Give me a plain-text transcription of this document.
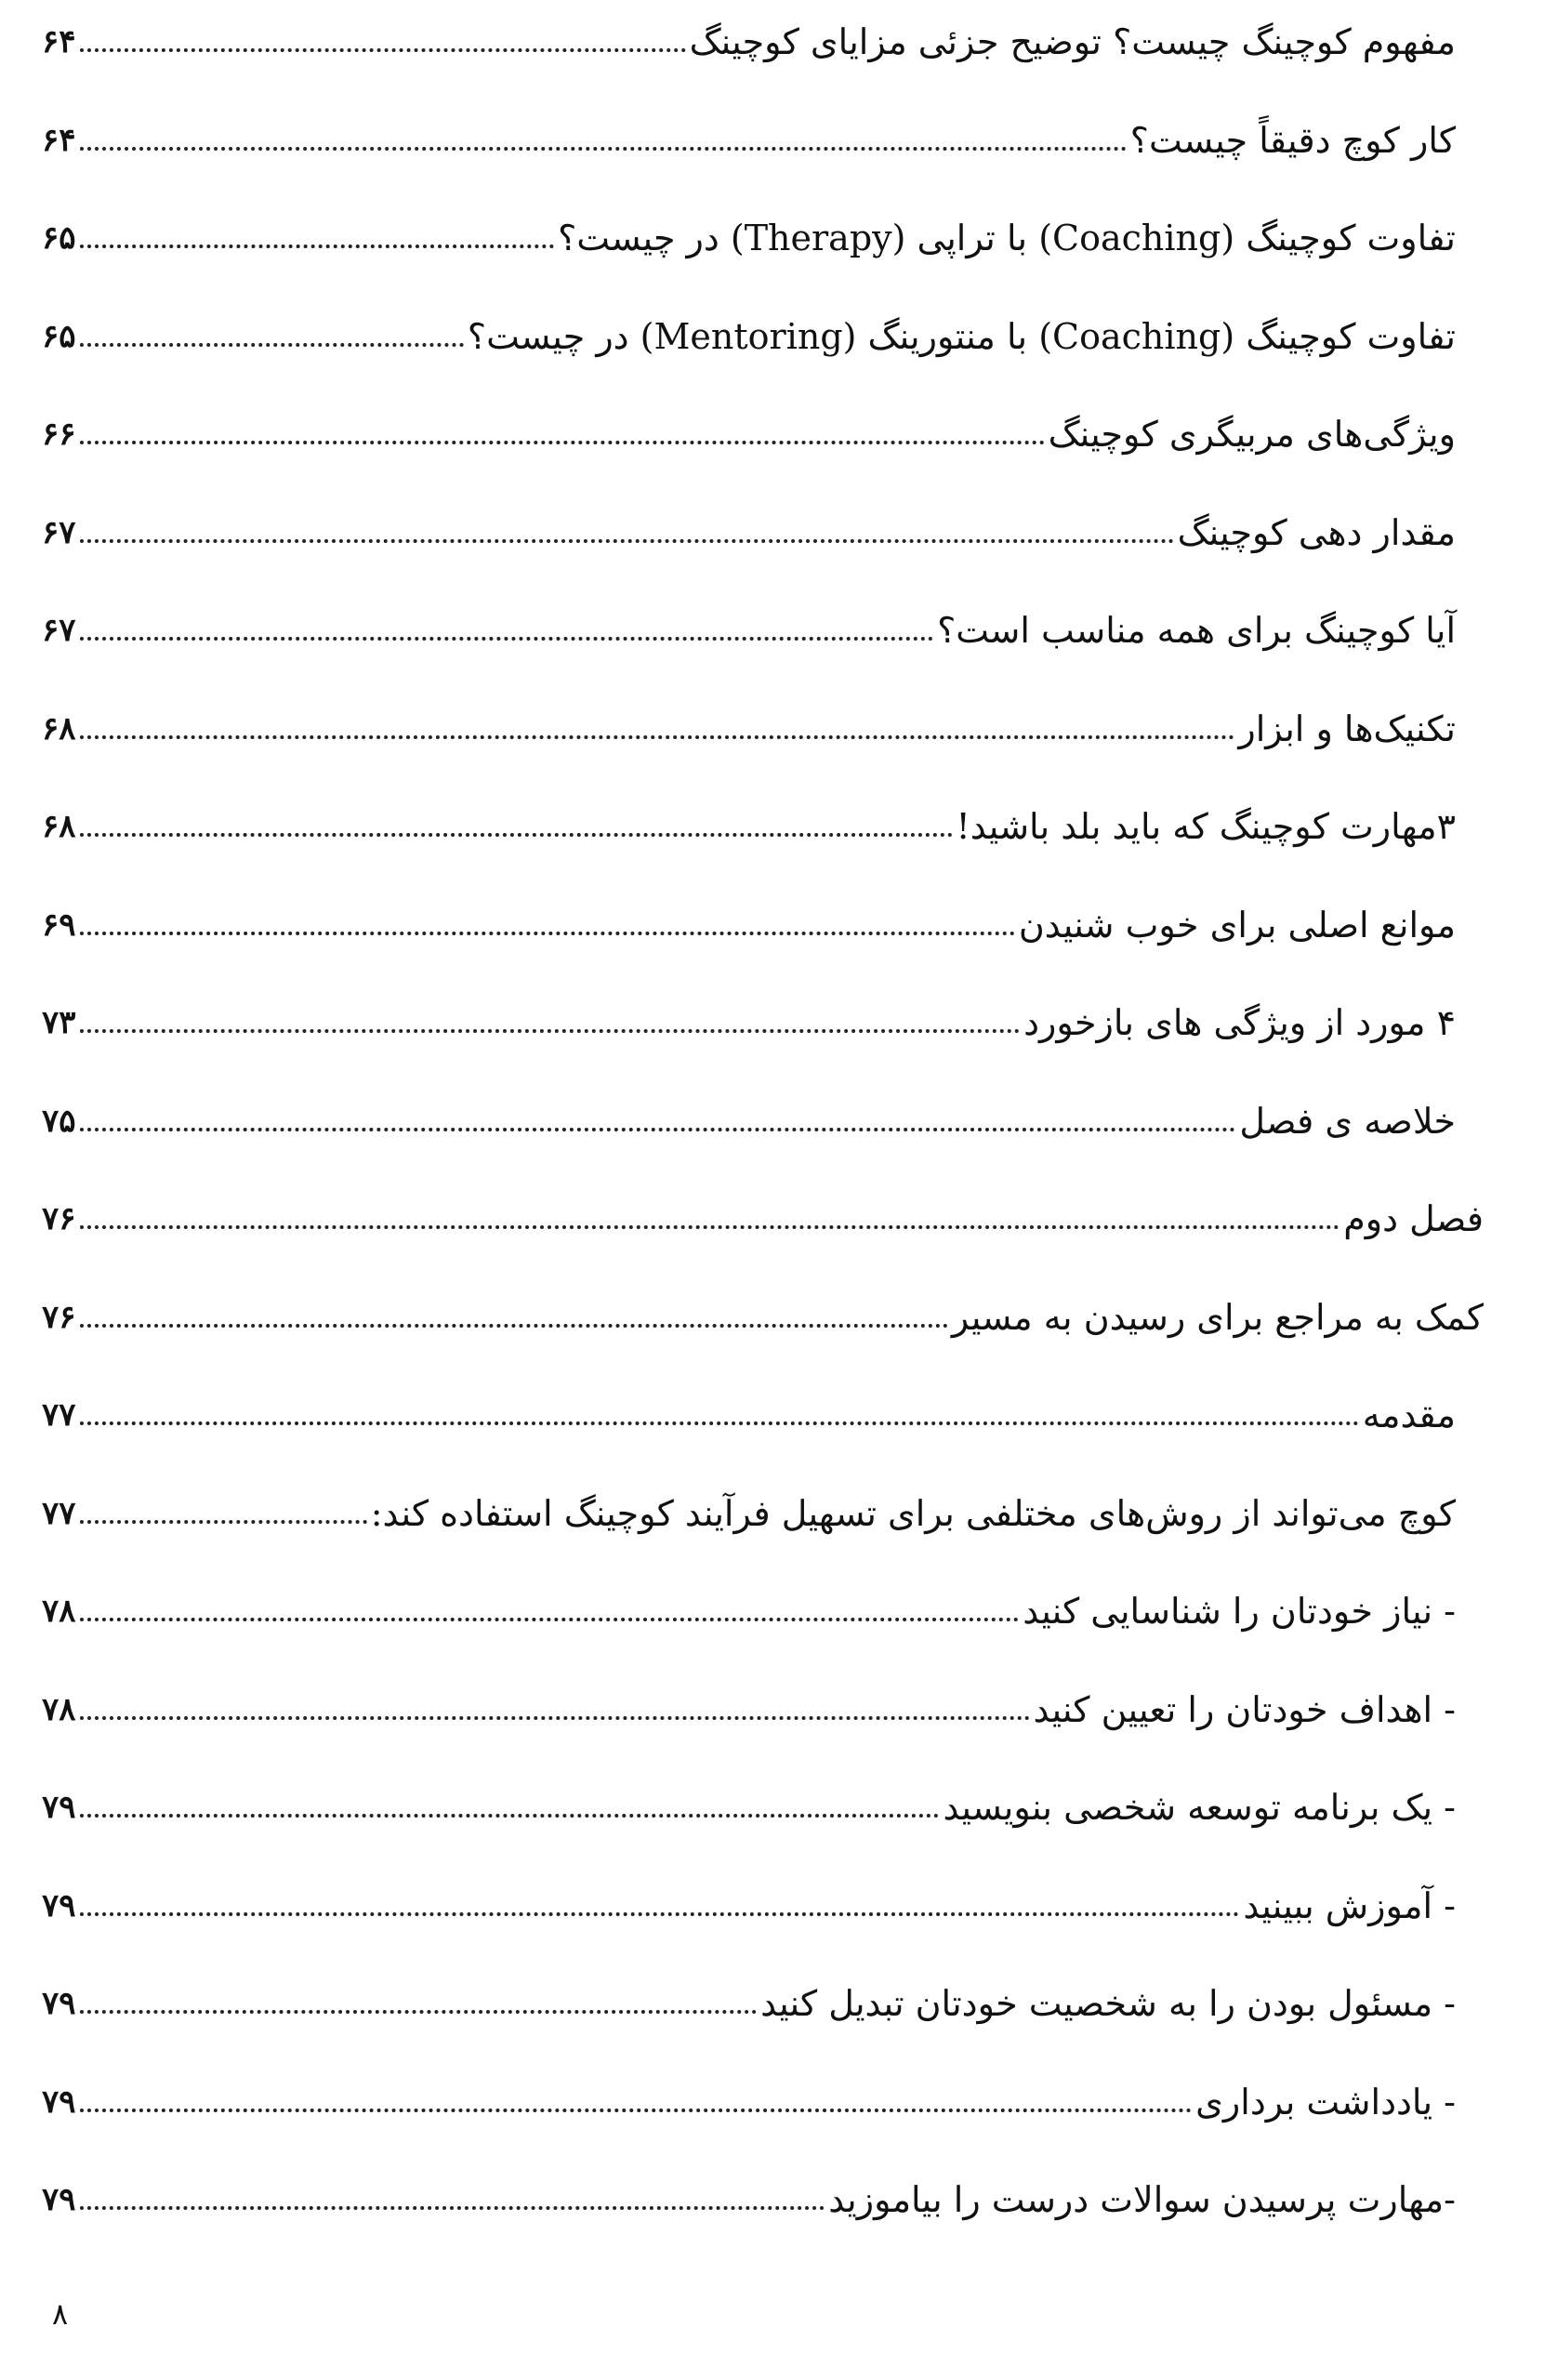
۶۴	مفهوم کوچینگ چیست؟ توضیح جزئی مزایای کوچینگ
۶۴	کار کوچ دقیقاً چیست؟
۶۵	تفاوت کوچینگ (Coaching) با تراپی (Therapy) در چیست؟
۶۵	تفاوت کوچینگ (Coaching) با منتورینگ (Mentoring) در چیست؟
۶۶	ویژگی‌های مربیگری کوچینگ
۶۷	مقدار دهی کوچینگ
۶۷	آیا کوچینگ برای همه مناسب است؟
۶۸	تکنیک‌ها و ابزار
۶۸	۳مهارت کوچینگ که باید بلد باشید!
۶۹	موانع اصلی برای خوب شنیدن
۷۳	۴ مورد از ویژگی های بازخورد
۷۵	خلاصه ی فصل
۷۶	فصل دوم
۷۶	کمک به مراجع برای رسیدن به مسیر
۷۷	مقدمه
۷۷	کوچ می‌تواند از روش‌های مختلفی برای تسهیل فرآیند کوچینگ استفاده کند:
۷۸	- نیاز خودتان را شناسایی کنید
۷۸	- اهداف خودتان را تعیین کنید
۷۹	- یک برنامه توسعه شخصی بنویسید
۷۹	- آموزش ببینید
۷۹	- مسئول بودن را به شخصیت خودتان تبدیل کنید
۷۹	- یادداشت برداری
۷۹	-مهارت پرسیدن سوالات درست را بیاموزید
۸
